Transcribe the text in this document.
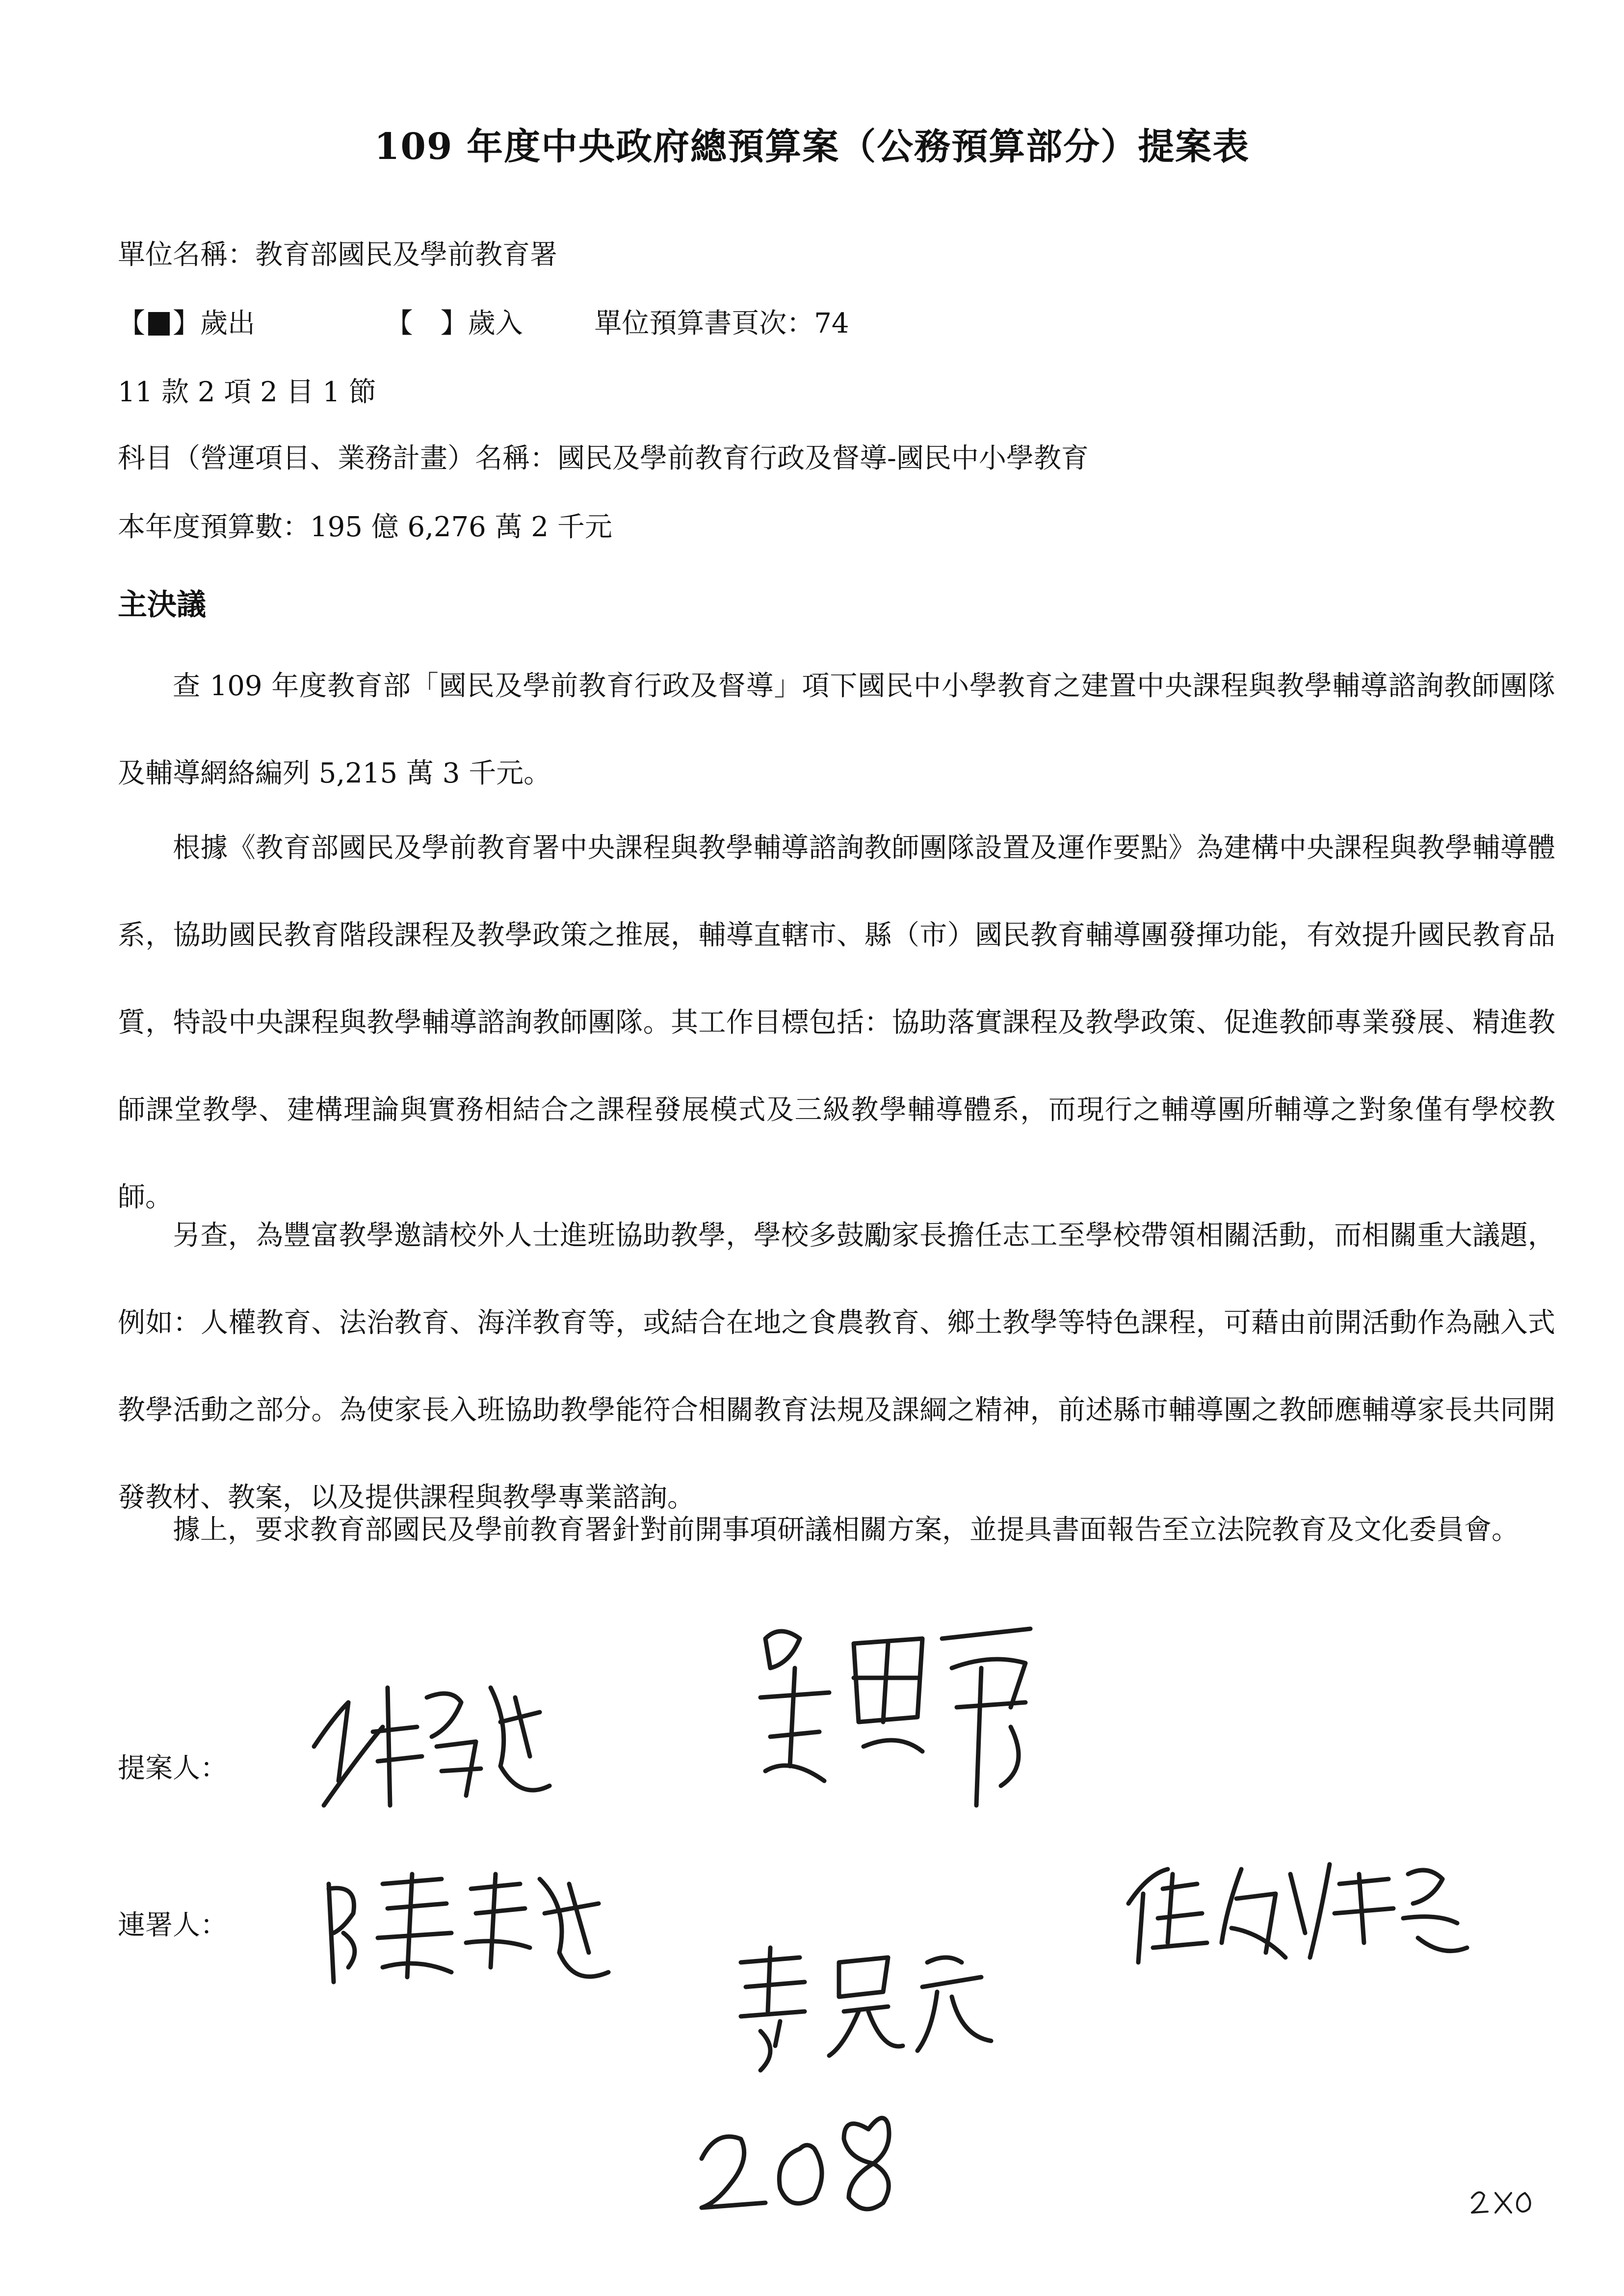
109 年度中央政府總預算案（公務預算部分）提案表
單位名稱：教育部國民及學前教育署
【 】歲出	【　】歲入	單位預算書頁次：74
11 款 2 項 2 目 1 節
科目（營運項目、業務計畫）名稱：國民及學前教育行政及督導-國民中小學教育
本年度預算數：195 億 6,276 萬 2 千元
主決議

查 109 年度教育部「國民及學前教育行政及督導」項下國民中小學教育之建置中央課程與教學輔導諮詢教師團隊及輔導網絡編列 5,215 萬 3 千元。

根據《教育部國民及學前教育署中央課程與教學輔導諮詢教師團隊設置及運作要點》為建構中央課程與教學輔導體系，協助國民教育階段課程及教學政策之推展，輔導直轄市、縣（市）國民教育輔導團發揮功能，有效提升國民教育品質，特設中央課程與教學輔導諮詢教師團隊。其工作目標包括：協助落實課程及教學政策、促進教師專業發展、精進教師課堂教學、建構理論與實務相結合之課程發展模式及三級教學輔導體系，而現行之輔導團所輔導之對象僅有學校教師。

另查，為豐富教學邀請校外人士進班協助教學，學校多鼓勵家長擔任志工至學校帶領相關活動，而相關重大議題，例如：人權教育、法治教育、海洋教育等，或結合在地之食農教育、鄉土教學等特色課程，可藉由前開活動作為融入式教學活動之部分。為使家長入班協助教學能符合相關教育法規及課綱之精神，前述縣市輔導團之教師應輔導家長共同開發教材、教案，以及提供課程與教學專業諮詢。

據上，要求教育部國民及學前教育署針對前開事項研議相關方案，並提具書面報告至立法院教育及文化委員會。

提案人：
連署人：
